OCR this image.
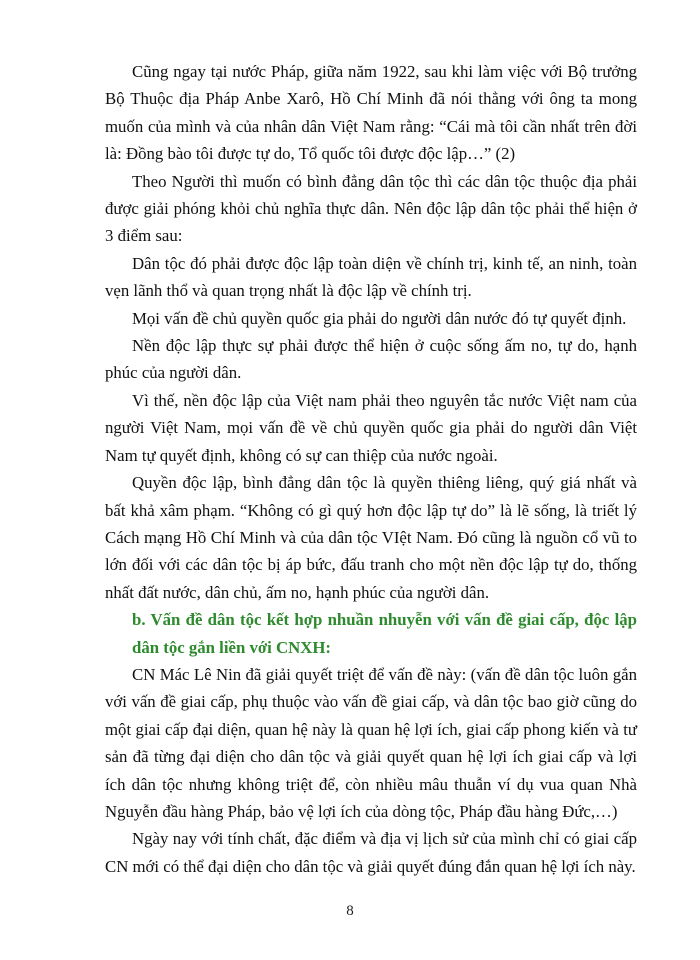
Cũng ngay tại nước Pháp, giữa năm 1922, sau khi làm việc với Bộ trưởng Bộ Thuộc địa Pháp Anbe Xarô, Hồ Chí Minh đã nói thẳng với ông ta mong muốn của mình và của nhân dân Việt Nam rằng: “Cái mà tôi cần nhất trên đời là: Đồng bào tôi được tự do, Tổ quốc tôi được độc lập…” (2)

Theo Người thì muốn có bình đẳng dân tộc thì các dân tộc thuộc địa phải được giải phóng khỏi chủ nghĩa thực dân. Nên độc lập dân tộc phải thể hiện ở 3 điểm sau:

Dân tộc đó phải được độc lập toàn diện về chính trị, kinh tế, an ninh, toàn vẹn lãnh thổ và quan trọng nhất là độc lập về chính trị.

Mọi vấn đề chủ quyền quốc gia phải do người dân nước đó tự quyết định.

Nền độc lập thực sự phải được thể hiện ở cuộc sống ấm no, tự do, hạnh phúc của người dân.

Vì thế, nền độc lập của Việt nam phải theo nguyên tắc nước Việt nam của người Việt Nam, mọi vấn đề về chủ quyền quốc gia phải do người dân Việt Nam tự quyết định, không có sự can thiệp của nước ngoài.

Quyền độc lập, bình đẳng dân tộc là quyền thiêng liêng, quý giá nhất và bất khả xâm phạm. “Không có gì quý hơn độc lập tự do” là lẽ sống, là triết lý Cách mạng Hồ Chí Minh và của dân tộc VIệt Nam. Đó cũng là nguồn cổ vũ to lớn đối với các dân tộc bị áp bức, đấu tranh cho một nền độc lập tự do, thống nhất đất nước, dân chủ, ấm no, hạnh phúc của người dân.

b. Vấn đề dân tộc kết hợp nhuần nhuyễn với vấn đề giai cấp, độc lập dân tộc gắn liền với CNXH:

CN Mác Lê Nin đã giải quyết triệt để vấn đề này: (vấn đề dân tộc luôn gắn với vấn đề giai cấp, phụ thuộc vào vấn đề giai cấp, và dân tộc bao giờ cũng do một giai cấp đại diện, quan hệ này là quan hệ lợi ích, giai cấp phong kiến và tư sản đã từng đại diện cho dân tộc và giải quyết quan hệ lợi ích giai cấp và lợi ích dân tộc nhưng không triệt để, còn nhiều mâu thuẫn ví dụ vua quan Nhà Nguyễn đầu hàng Pháp, bảo vệ lợi ích của dòng tộc, Pháp đầu hàng Đức,…)

Ngày nay với tính chất, đặc điểm và địa vị lịch sử của mình chỉ có giai cấp CN mới có thể đại diện cho dân tộc và giải quyết đúng đắn quan hệ lợi ích này.

8
